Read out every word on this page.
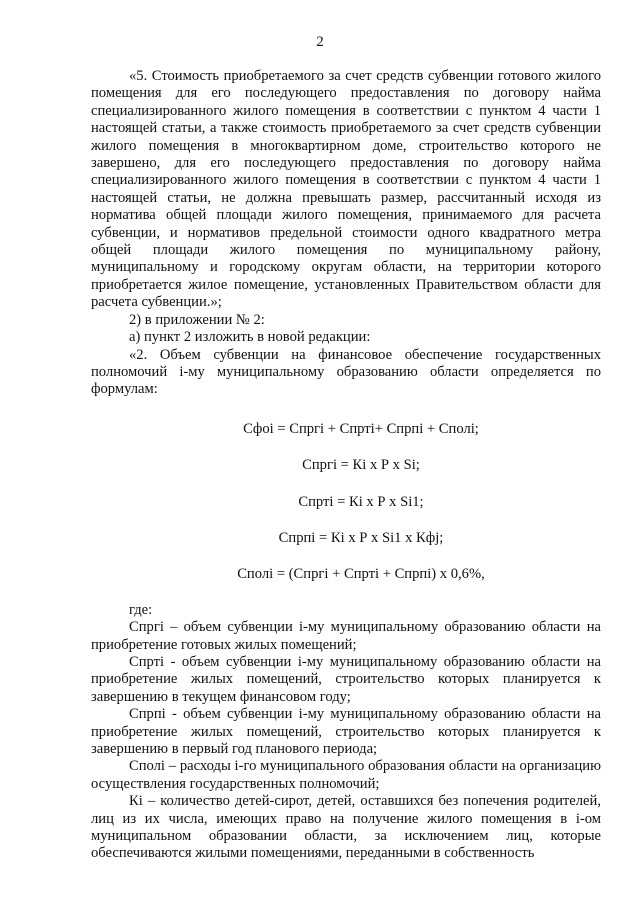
2

«5. Стоимость приобретаемого за счет средств субвенции готового жилого помещения для его последующего предоставления по договору найма специализированного жилого помещения в соответствии с пунктом 4 части 1 настоящей статьи, а также стоимость приобретаемого за счет средств субвенции жилого помещения в многоквартирном доме, строительство которого не завершено, для его последующего предоставления по договору найма специализированного жилого помещения в соответствии с пунктом 4 части 1 настоящей статьи, не должна превышать размер, рассчитанный исходя из норматива общей площади жилого помещения, принимаемого для расчета субвенции, и нормативов предельной стоимости одного квадратного метра общей площади жилого помещения по муниципальному району, муниципальному и городскому округам области, на территории которого приобретается жилое помещение, установленных Правительством области для расчета субвенции.»;

2) в приложении № 2:

а) пункт 2 изложить в новой редакции:

«2. Объем субвенции на финансовое обеспечение государственных полномочий i-му муниципальному образованию области определяется по формулам:

Сфоi = Спргi + Спртi+ Спрпi + Сполi;

Спргi = Кi х Р х Si;

Спртi = Кi х Р х Si1;

Спрпi = Кi х Р х Si1 х Кфj;

Сполi = (Спргi + Спртi + Спрпi) х 0,6%,

где:

Спргi – объем субвенции i-му муниципальному образованию области на приобретение готовых жилых помещений;

Спртi - объем субвенции i-му муниципальному образованию области на приобретение жилых помещений, строительство которых планируется к завершению в текущем финансовом году;

Спрпi - объем субвенции i-му муниципальному образованию области на приобретение жилых помещений, строительство которых планируется к завершению в первый год планового периода;

Сполi – расходы i-го муниципального образования области на организацию осуществления государственных полномочий;

Кi – количество детей-сирот, детей, оставшихся без попечения родителей, лиц из их числа, имеющих право на получение жилого помещения в i-ом муниципальном образовании области, за исключением лиц, которые обеспечиваются жилыми помещениями, переданными в собственность
